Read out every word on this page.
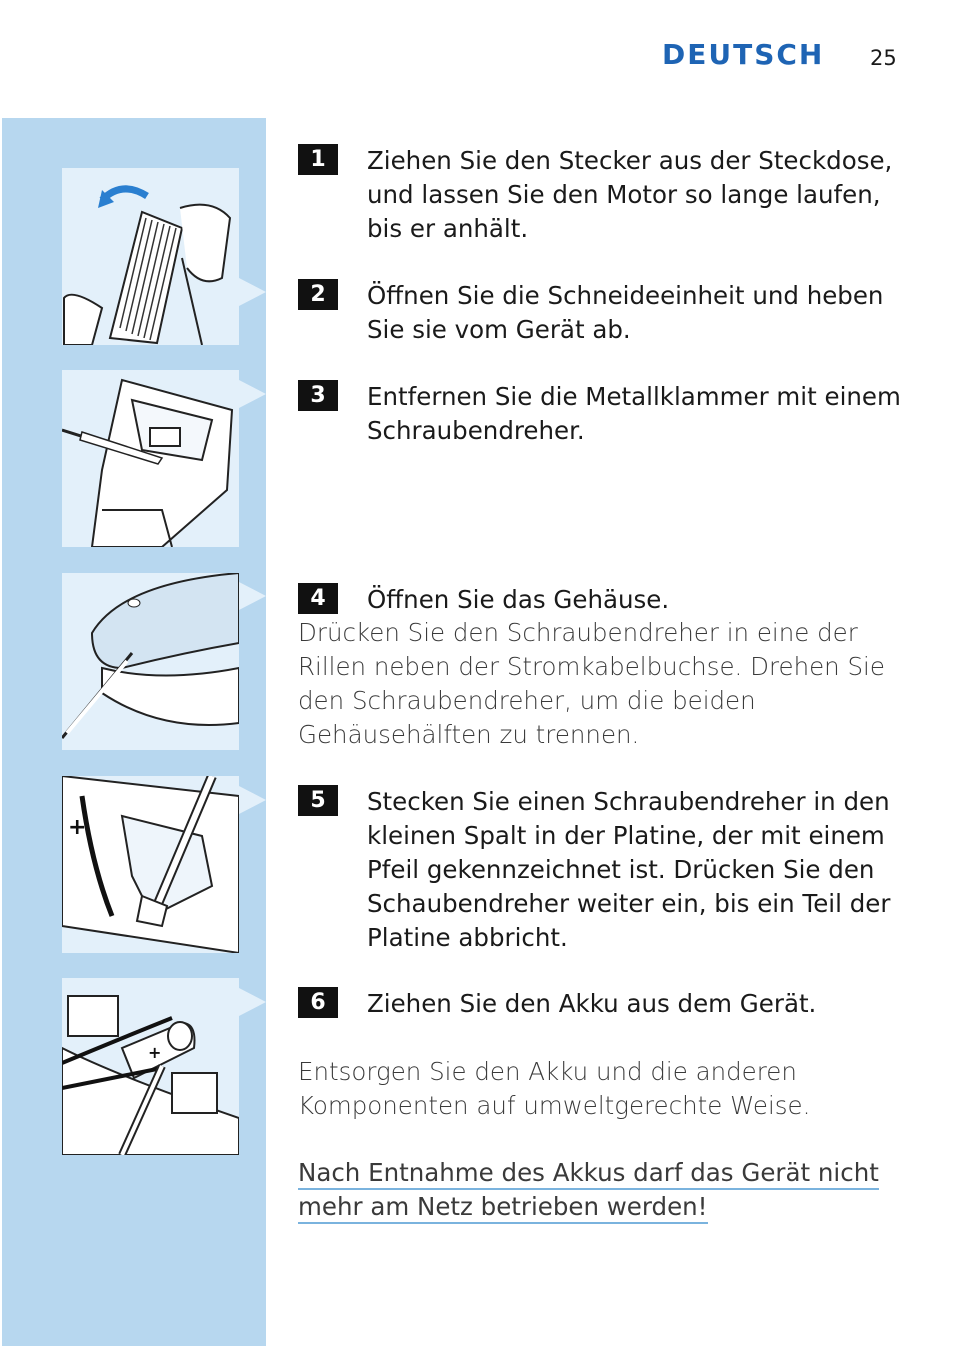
DEUTSCH 25
+
+
1	Ziehen Sie den Stecker aus der Steckdose, und lassen Sie den Motor so lange laufen, bis er anhält.
2	Öffnen Sie die Schneideeinheit und heben Sie sie vom Gerät ab.
3	Entfernen Sie die Metallklammer mit einem Schraubendreher.
4	Öffnen Sie das Gehäuse.
Drücken Sie den Schraubendreher in eine der Rillen neben der Stromkabelbuchse. Drehen Sie den Schraubendreher, um die beiden Gehäusehälften zu trennen.
5	Stecken Sie einen Schraubendreher in den kleinen Spalt in der Platine, der mit einem Pfeil gekennzeichnet ist. Drücken Sie den Schaubendreher weiter ein, bis ein Teil der Platine abbricht.
6	Ziehen Sie den Akku aus dem Gerät.
Entsorgen Sie den Akku und die anderen Komponenten auf umweltgerechte Weise.
Nach Entnahme des Akkus darf das Gerät nicht mehr am Netz betrieben werden!
